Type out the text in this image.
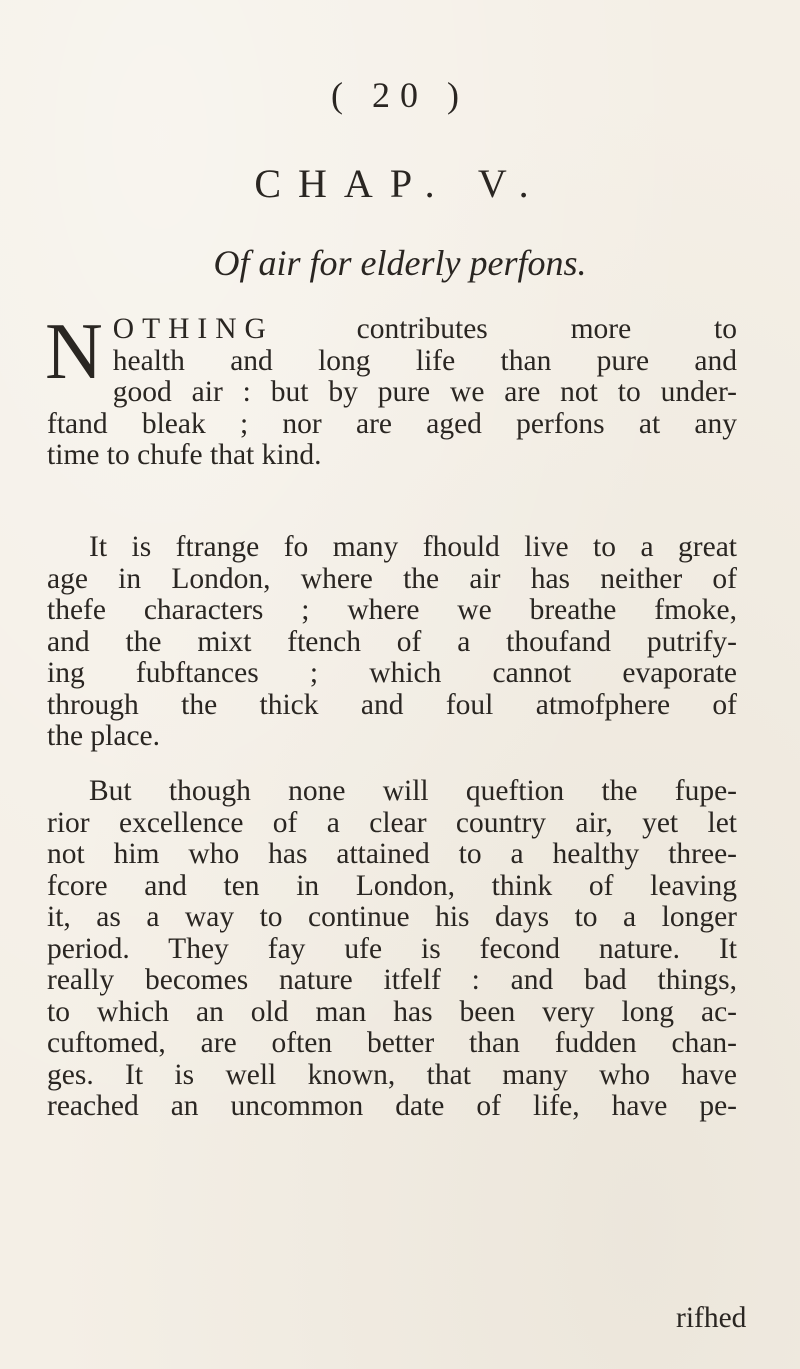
( 20 )
CHAP. V.
Of air for elderly perfons.
N OTHING contributes more to
health and long life than pure and
good air : but by pure we are not to under-
ftand bleak ; nor are aged perfons at any
time to chufe that kind.
It is ftrange fo many fhould live to a great
age in London, where the air has neither of
thefe characters ; where we breathe fmoke,
and the mixt ftench of a thoufand putrify-
ing fubftances ; which cannot evaporate
through the thick and foul atmofphere of
the place.
But though none will queftion the fupe-
rior excellence of a clear country air, yet let
not him who has attained to a healthy three-
fcore and ten in London, think of leaving
it, as a way to continue his days to a longer
period. They fay ufe is fecond nature. It
really becomes nature itfelf : and bad things,
to which an old man has been very long ac-
cuftomed, are often better than fudden chan-
ges. It is well known, that many who have
reached an uncommon date of life, have pe-
rifhed
